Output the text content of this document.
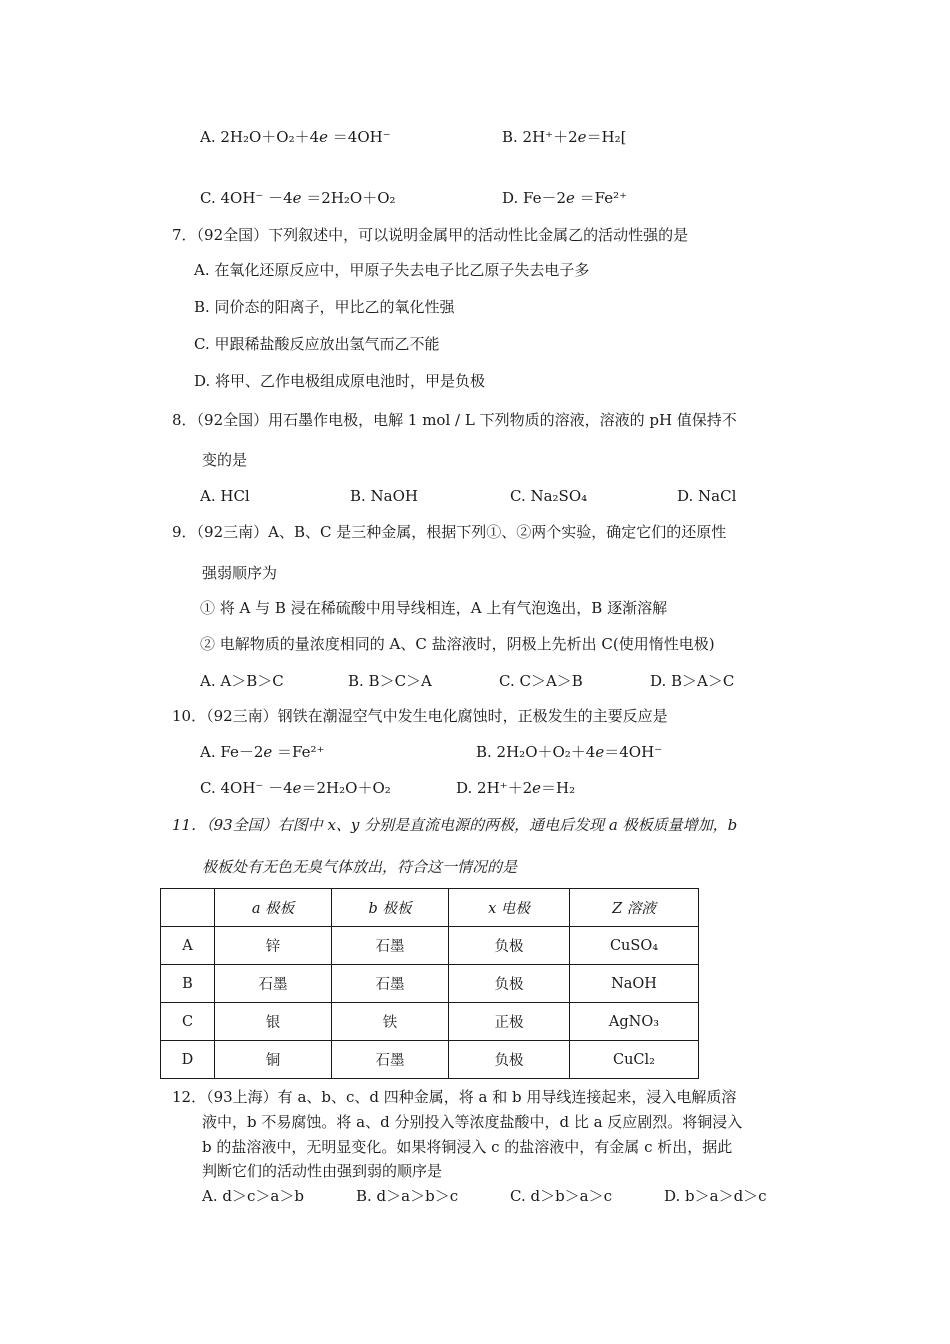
A. 2H₂O＋O₂＋4𝑒 ＝4OH⁻	B. 2H⁺＋2𝑒＝H₂[
C. 4OH⁻ －4𝑒 ＝2H₂O＋O₂	D. Fe－2𝑒 ＝Fe²⁺
7．（92全国）下列叙述中，可以说明金属甲的活动性比金属乙的活动性强的是
A. 在氧化还原反应中，甲原子失去电子比乙原子失去电子多
B. 同价态的阳离子，甲比乙的氧化性强
C. 甲跟稀盐酸反应放出氢气而乙不能
D. 将甲、乙作电极组成原电池时，甲是负极
8．（92全国）用石墨作电极，电解 1 mol / L 下列物质的溶液，溶液的 pH 值保持不
变的是
A. HCl	B. NaOH	C. Na₂SO₄	D. NaCl
9．（92三南）A、B、C 是三种金属，根据下列①、②两个实验，确定它们的还原性
强弱顺序为
① 将 A 与 B 浸在稀硫酸中用导线相连，A 上有气泡逸出，B 逐渐溶解
② 电解物质的量浓度相同的 A、C 盐溶液时，阴极上先析出 C(使用惰性电极)
A. A＞B＞C	B. B＞C＞A	C. C＞A＞B	D. B＞A＞C
10．（92三南）钢铁在潮湿空气中发生电化腐蚀时，正极发生的主要反应是
A. Fe－2𝑒 ＝Fe²⁺	B. 2H₂O＋O₂＋4𝑒＝4OH⁻
C. 4OH⁻ －4𝑒＝2H₂O＋O₂	D. 2H⁺＋2𝑒＝H₂
11．（93全国）右图中 x、y 分别是直流电源的两极，通电后发现 a 极板质量增加，b
极板处有无色无臭气体放出，符合这一情况的是
	a 极板	b 极板	x 电极	Z 溶液
A	锌	石墨	负极	CuSO₄
B	石墨	石墨	负极	NaOH
C	银	铁	正极	AgNO₃
D	铜	石墨	负极	CuCl₂
12．（93上海）有 a、b、c、d 四种金属，将 a 和 b 用导线连接起来，浸入电解质溶
液中，b 不易腐蚀。将 a、d 分别投入等浓度盐酸中，d 比 a 反应剧烈。将铜浸入
b 的盐溶液中，无明显变化。如果将铜浸入 c 的盐溶液中，有金属 c 析出，据此
判断它们的活动性由强到弱的顺序是
A. d＞c＞a＞b	B. d＞a＞b＞c	C. d＞b＞a＞c	D. b＞a＞d＞c
